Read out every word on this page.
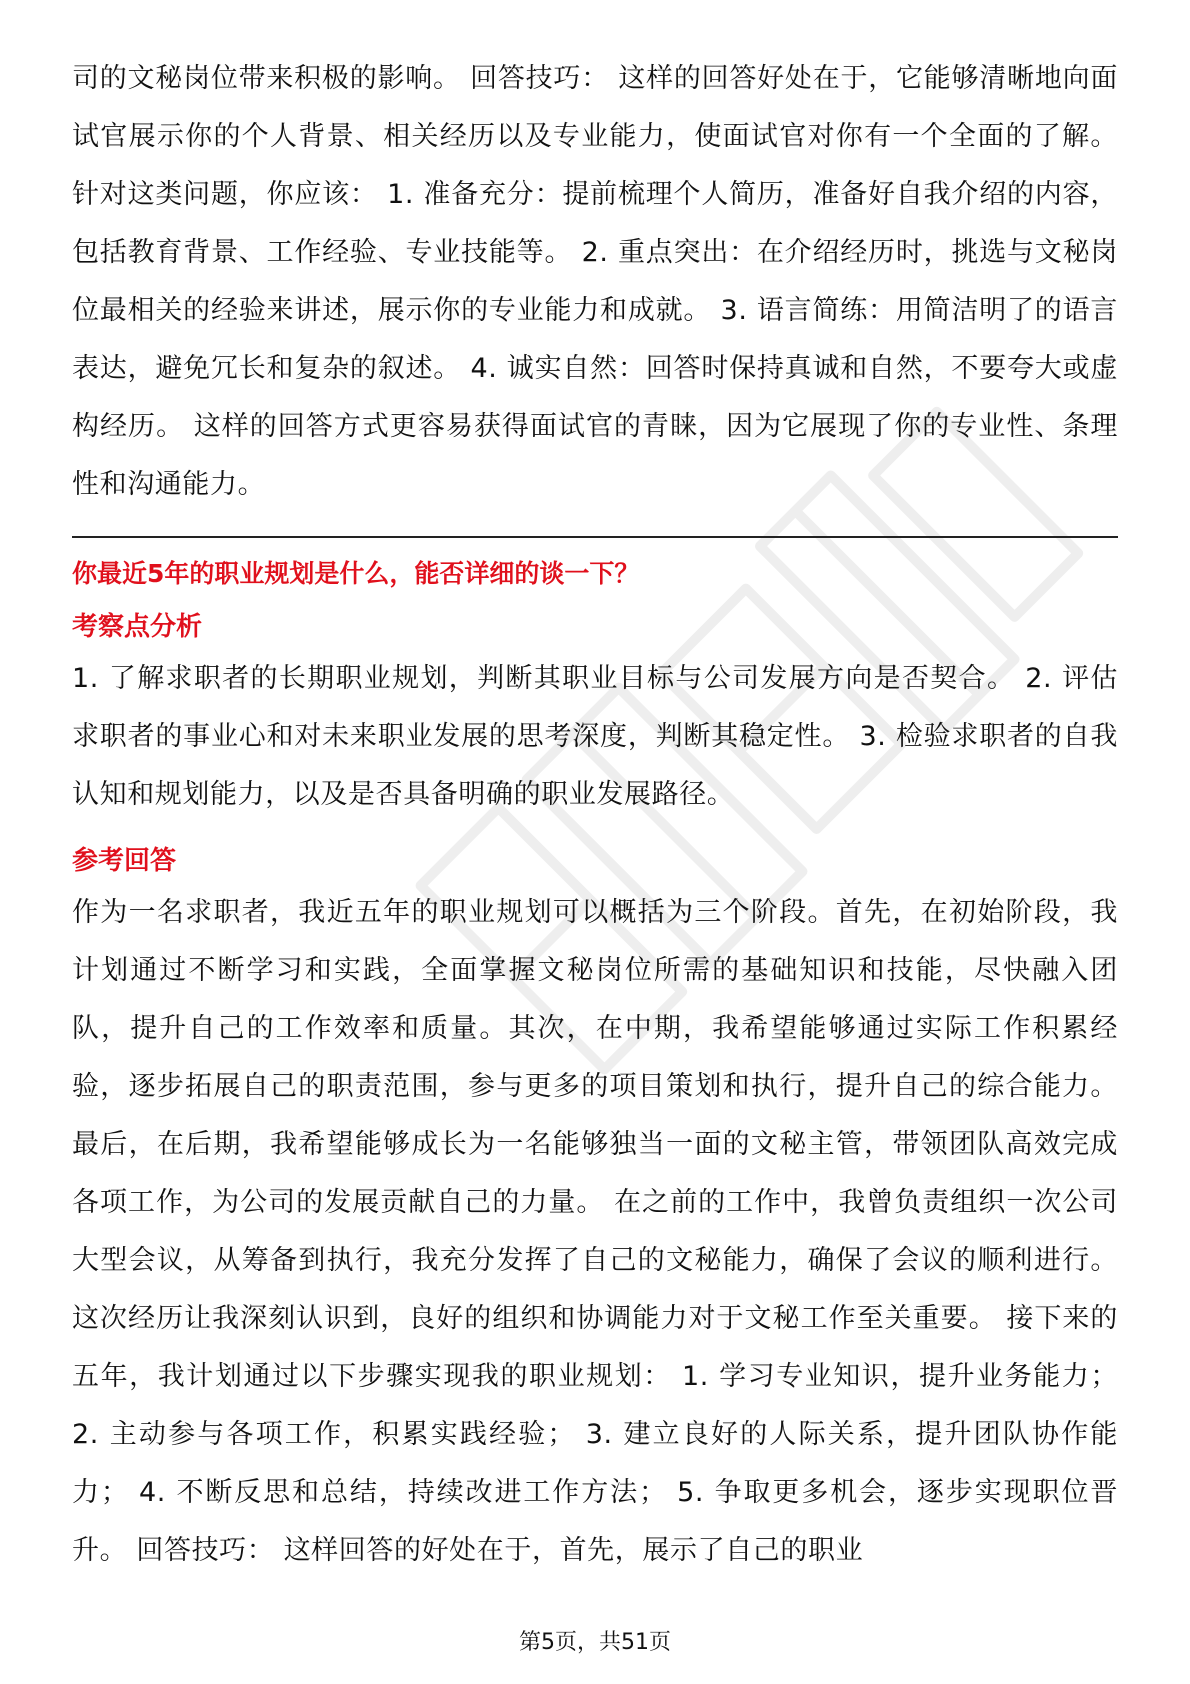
司的文秘岗位带来积极的影响。 回答技巧： 这样的回答好处在于，它能够清晰地向面试官展示你的个人背景、相关经历以及专业能力，使面试官对你有一个全面的了解。针对这类问题，你应该： 1. 准备充分：提前梳理个人简历，准备好自我介绍的内容，包括教育背景、工作经验、专业技能等。 2. 重点突出：在介绍经历时，挑选与文秘岗位最相关的经验来讲述，展示你的专业能力和成就。 3. 语言简练：用简洁明了的语言表达，避免冗长和复杂的叙述。 4. 诚实自然：回答时保持真诚和自然，不要夸大或虚构经历。 这样的回答方式更容易获得面试官的青睐，因为它展现了你的专业性、条理性和沟通能力。

你最近5年的职业规划是什么，能否详细的谈一下？

考察点分析

1. 了解求职者的长期职业规划，判断其职业目标与公司发展方向是否契合。 2. 评估求职者的事业心和对未来职业发展的思考深度，判断其稳定性。 3. 检验求职者的自我认知和规划能力，以及是否具备明确的职业发展路径。

参考回答

作为一名求职者，我近五年的职业规划可以概括为三个阶段。首先，在初始阶段，我计划通过不断学习和实践，全面掌握文秘岗位所需的基础知识和技能，尽快融入团队，提升自己的工作效率和质量。其次，在中期，我希望能够通过实际工作积累经验，逐步拓展自己的职责范围，参与更多的项目策划和执行，提升自己的综合能力。最后，在后期，我希望能够成长为一名能够独当一面的文秘主管，带领团队高效完成各项工作，为公司的发展贡献自己的力量。 在之前的工作中，我曾负责组织一次公司大型会议，从筹备到执行，我充分发挥了自己的文秘能力，确保了会议的顺利进行。这次经历让我深刻认识到，良好的组织和协调能力对于文秘工作至关重要。 接下来的五年，我计划通过以下步骤实现我的职业规划： 1. 学习专业知识，提升业务能力； 2. 主动参与各项工作，积累实践经验； 3. 建立良好的人际关系，提升团队协作能力； 4. 不断反思和总结，持续改进工作方法； 5. 争取更多机会，逐步实现职位晋升。 回答技巧： 这样回答的好处在于，首先，展示了自己的职业

第5页，共51页
